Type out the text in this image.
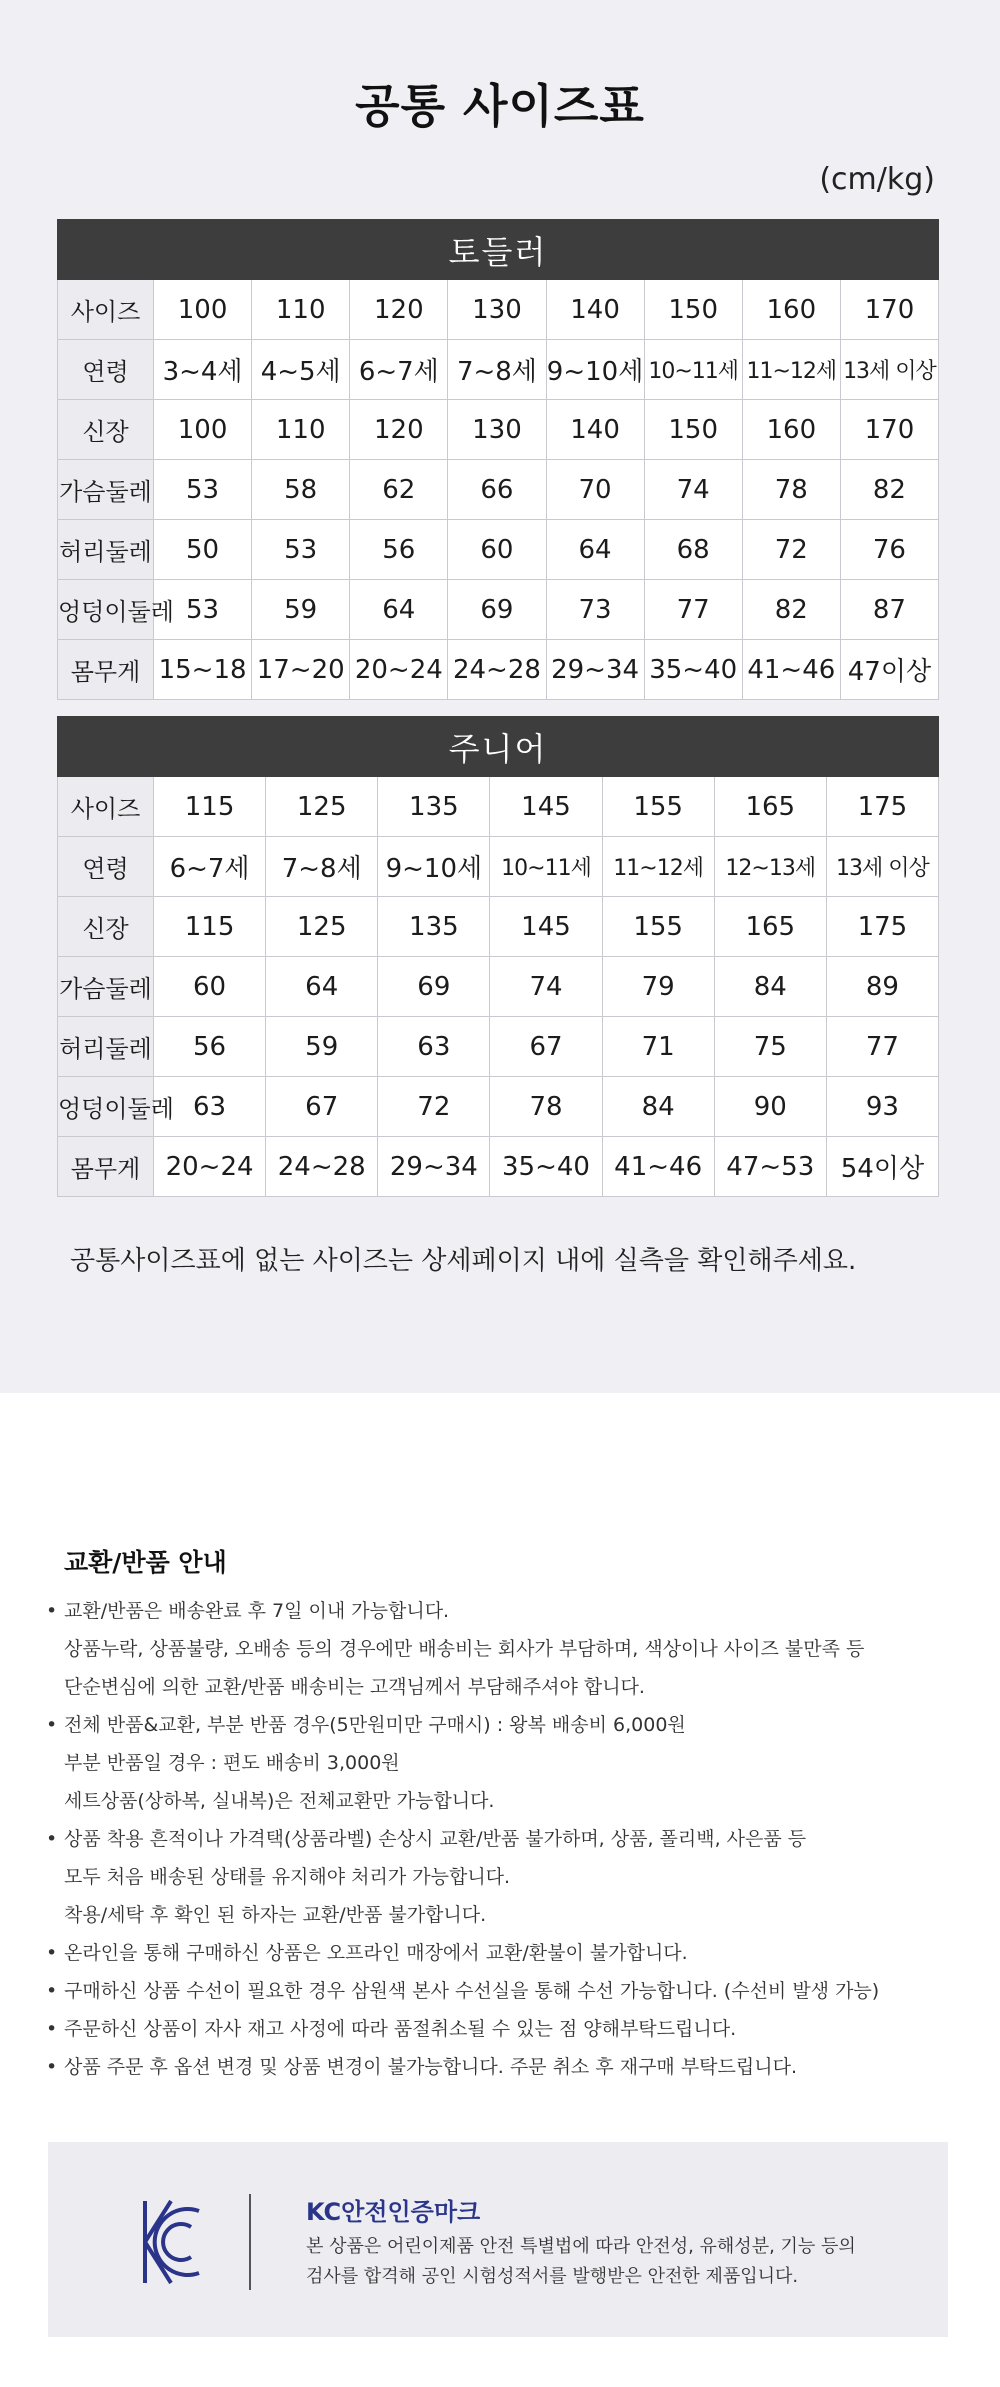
공통 사이즈표
(cm/kg)
토들러								
사이즈	100	110	120	130	140	150	160	170
연령	3~4세	4~5세	6~7세	7~8세	9~10세	10~11세	11~12세	13세 이상
신장	100	110	120	130	140	150	160	170
가슴둘레	53	58	62	66	70	74	78	82
허리둘레	50	53	56	60	64	68	72	76
엉덩이둘레	53	59	64	69	73	77	82	87
몸무게	15~18	17~20	20~24	24~28	29~34	35~40	41~46	47이상
주니어							
사이즈	115	125	135	145	155	165	175
연령	6~7세	7~8세	9~10세	10~11세	11~12세	12~13세	13세 이상
신장	115	125	135	145	155	165	175
가슴둘레	60	64	69	74	79	84	89
허리둘레	56	59	63	67	71	75	77
엉덩이둘레	63	67	72	78	84	90	93
몸무게	20~24	24~28	29~34	35~40	41~46	47~53	54이상

공통사이즈표에 없는 사이즈는 상세페이지 내에 실측을 확인해주세요.

교환/반품 안내
• 교환/반품은 배송완료 후 7일 이내 가능합니다.
상품누락, 상품불량, 오배송 등의 경우에만 배송비는 회사가 부담하며, 색상이나 사이즈 불만족 등
단순변심에 의한 교환/반품 배송비는 고객님께서 부담해주셔야 합니다.
• 전체 반품&교환, 부분 반품 경우(5만원미만 구매시) : 왕복 배송비 6,000원
부분 반품일 경우 : 편도 배송비 3,000원
세트상품(상하복, 실내복)은 전체교환만 가능합니다.
• 상품 착용 흔적이나 가격택(상품라벨) 손상시 교환/반품 불가하며, 상품, 폴리백, 사은품 등
모두 처음 배송된 상태를 유지해야 처리가 가능합니다.
착용/세탁 후 확인 된 하자는 교환/반품 불가합니다.
• 온라인을 통해 구매하신 상품은 오프라인 매장에서 교환/환불이 불가합니다.
• 구매하신 상품 수선이 필요한 경우 삼원색 본사 수선실을 통해 수선 가능합니다. (수선비 발생 가능)
• 주문하신 상품이 자사 재고 사정에 따라 품절취소될 수 있는 점 양해부탁드립니다.
• 상품 주문 후 옵션 변경 및 상품 변경이 불가능합니다. 주문 취소 후 재구매 부탁드립니다.
KC안전인증마크
본 상품은 어린이제품 안전 특별법에 따라 안전성, 유해성분, 기능 등의
검사를 합격해 공인 시험성적서를 발행받은 안전한 제품입니다.
